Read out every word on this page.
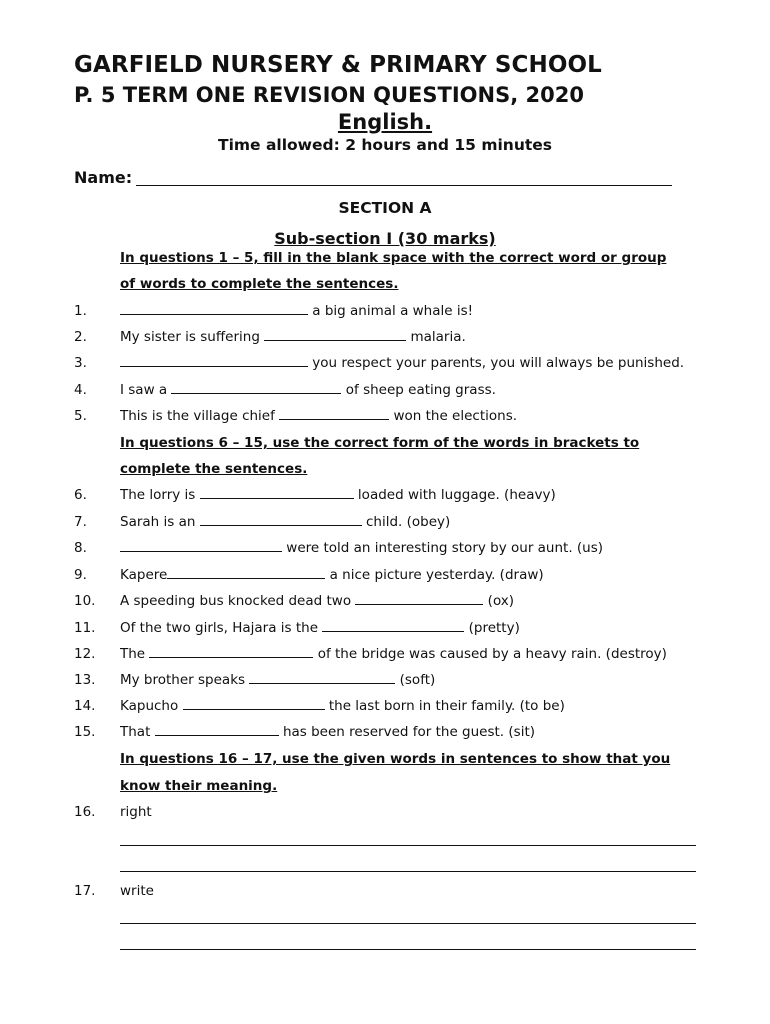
GARFIELD NURSERY & PRIMARY SCHOOL
P. 5 TERM ONE REVISION QUESTIONS, 2020
English.
Time allowed: 2 hours and 15 minutes
Name:
SECTION A
Sub-section I (30 marks)
In questions 1 – 5, fill in the blank space with the correct word or group
of words to complete the sentences.
1.	a big animal a whale is!
2. My sister is suffering	malaria.
3.	you respect your parents, you will always be punished.
4. I saw a	of sheep eating grass.
5. This is the village chief	won the elections.
In questions 6 – 15, use the correct form of the words in brackets to
complete the sentences.
6. The lorry is	loaded with luggage. (heavy)
7. Sarah is an	child. (obey)
8.	were told an interesting story by our aunt. (us)
9. Kapere	a nice picture yesterday. (draw)
10. A speeding bus knocked dead two	(ox)
11. Of the two girls, Hajara is the	(pretty)
12. The	of the bridge was caused by a heavy rain. (destroy)
13. My brother speaks	(soft)
14. Kapucho	the last born in their family. (to be)
15. That	has been reserved for the guest. (sit)
In questions 16 – 17, use the given words in sentences to show that you
know their meaning.
16. right
17. write
